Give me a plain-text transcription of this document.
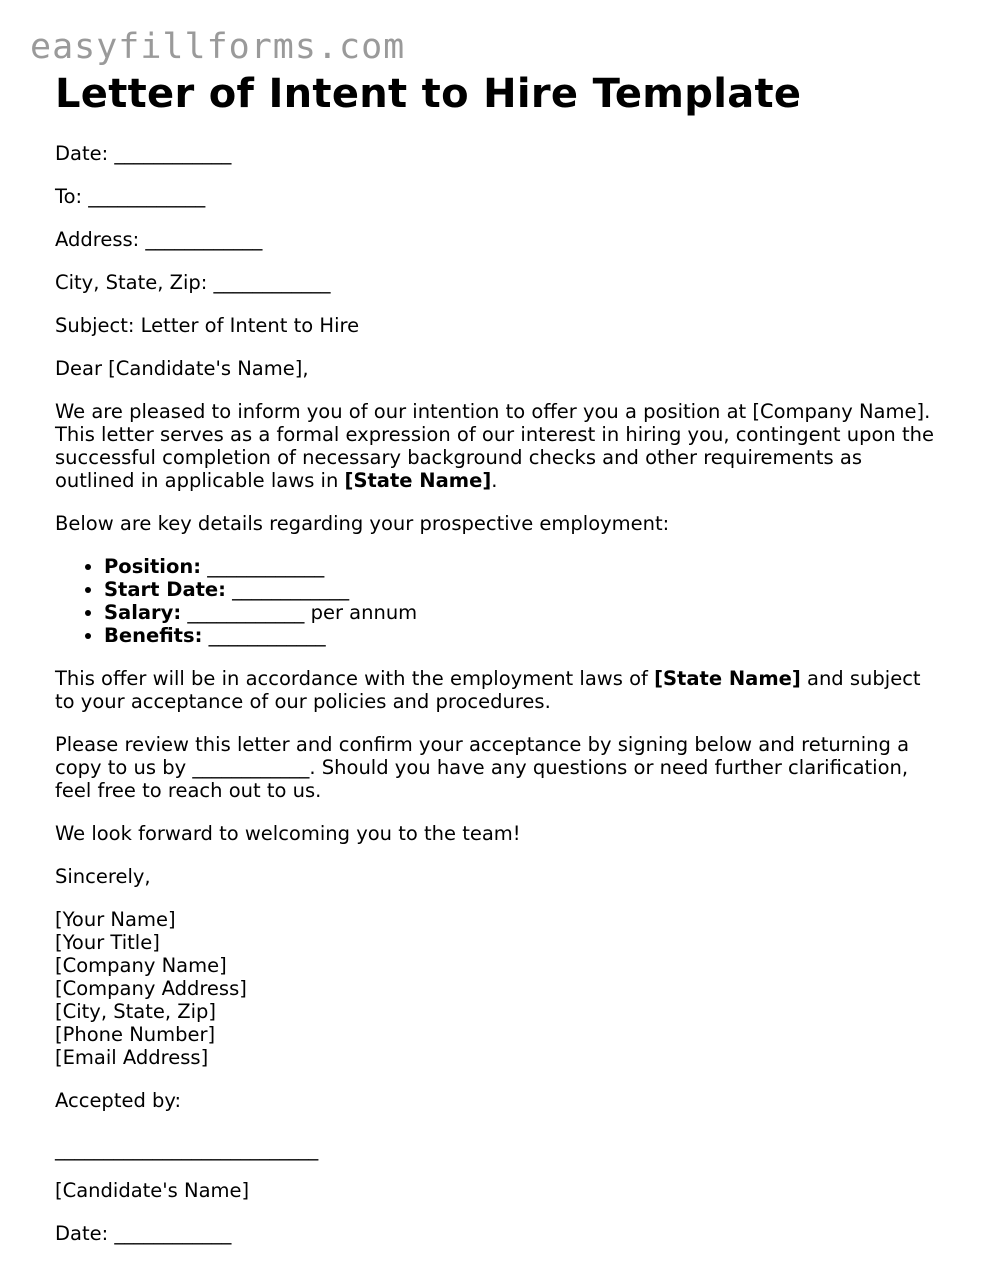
easyfillforms.com
Letter of Intent to Hire Template

Date: ____________

To: ____________

Address: ____________

City, State, Zip: ____________

Subject: Letter of Intent to Hire

Dear [Candidate's Name],

We are pleased to inform you of our intention to offer you a position at [Company Name]. This letter serves as a formal expression of our interest in hiring you, contingent upon the successful completion of necessary background checks and other requirements as outlined in applicable laws in [State Name].

Below are key details regarding your prospective employment:

• Position: ____________
• Start Date: ____________
• Salary: ____________ per annum
• Benefits: ____________

This offer will be in accordance with the employment laws of [State Name] and subject to your acceptance of our policies and procedures.

Please review this letter and confirm your acceptance by signing below and returning a copy to us by ____________. Should you have any questions or need further clarification, feel free to reach out to us.

We look forward to welcoming you to the team!

Sincerely,

[Your Name]
[Your Title]
[Company Name]
[Company Address]
[City, State, Zip]
[Phone Number]
[Email Address]

Accepted by:

___________________________

[Candidate's Name]

Date: ____________
